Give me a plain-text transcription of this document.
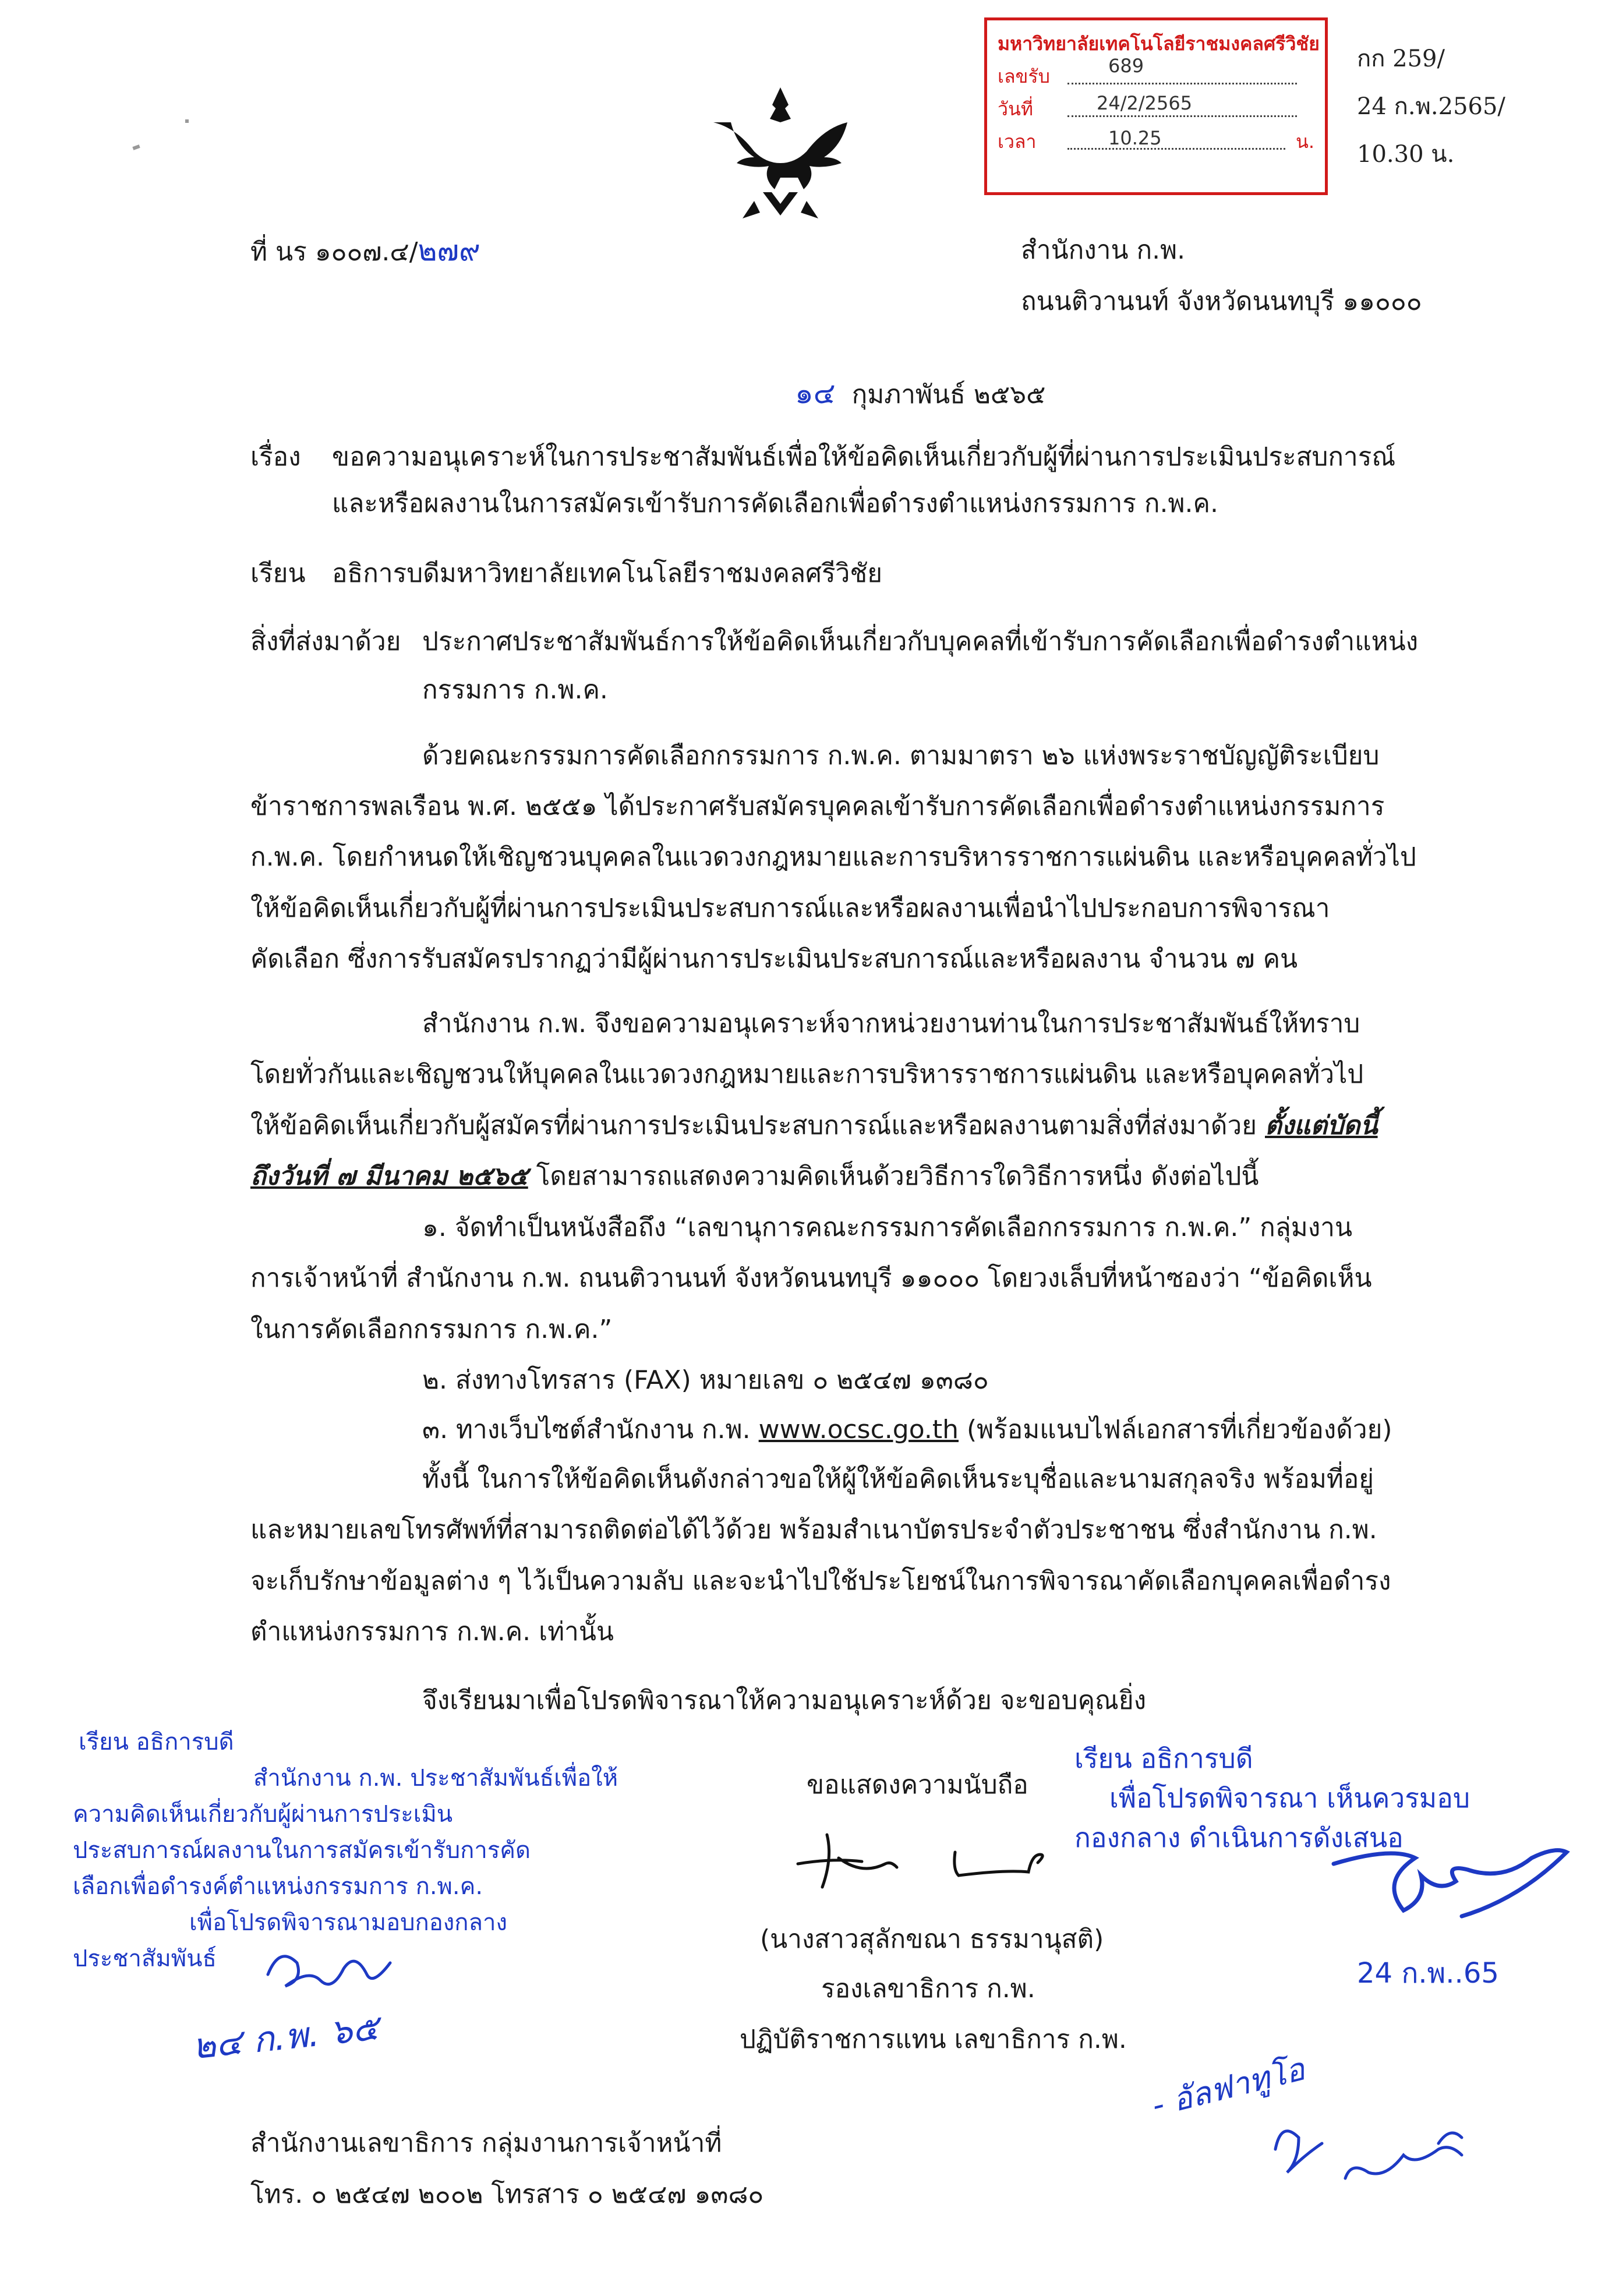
มหาวิทยาลัยเทคโนโลยีราชมงคลศรีวิชัย
เลขรับ	689
วันที่	24/2/2565
เวลา	10.25	น.
กก 259/
24 ก.พ.2565/
10.30 น.
ที่ นร ๑๐๐๗.๔/๒๗๙	สำนักงาน ก.พ.
ถนนติวานนท์ จังหวัดนนทบุรี ๑๑๐๐๐
๑๔ กุมภาพันธ์ ๒๕๖๕
เรื่อง ขอความอนุเคราะห์ในการประชาสัมพันธ์เพื่อให้ข้อคิดเห็นเกี่ยวกับผู้ที่ผ่านการประเมินประสบการณ์
และหรือผลงานในการสมัครเข้ารับการคัดเลือกเพื่อดำรงตำแหน่งกรรมการ ก.พ.ค.
เรียน อธิการบดีมหาวิทยาลัยเทคโนโลยีราชมงคลศรีวิชัย
สิ่งที่ส่งมาด้วย ประกาศประชาสัมพันธ์การให้ข้อคิดเห็นเกี่ยวกับบุคคลที่เข้ารับการคัดเลือกเพื่อดำรงตำแหน่ง
กรรมการ ก.พ.ค.
ด้วยคณะกรรมการคัดเลือกกรรมการ ก.พ.ค. ตามมาตรา ๒๖ แห่งพระราชบัญญัติระเบียบ
ข้าราชการพลเรือน พ.ศ. ๒๕๕๑ ได้ประกาศรับสมัครบุคคลเข้ารับการคัดเลือกเพื่อดำรงตำแหน่งกรรมการ
ก.พ.ค. โดยกำหนดให้เชิญชวนบุคคลในแวดวงกฎหมายและการบริหารราชการแผ่นดิน และหรือบุคคลทั่วไป
ให้ข้อคิดเห็นเกี่ยวกับผู้ที่ผ่านการประเมินประสบการณ์และหรือผลงานเพื่อนำไปประกอบการพิจารณา
คัดเลือก ซึ่งการรับสมัครปรากฏว่ามีผู้ผ่านการประเมินประสบการณ์และหรือผลงาน จำนวน ๗ คน
สำนักงาน ก.พ. จึงขอความอนุเคราะห์จากหน่วยงานท่านในการประชาสัมพันธ์ให้ทราบ
โดยทั่วกันและเชิญชวนให้บุคคลในแวดวงกฎหมายและการบริหารราชการแผ่นดิน และหรือบุคคลทั่วไป
ให้ข้อคิดเห็นเกี่ยวกับผู้สมัครที่ผ่านการประเมินประสบการณ์และหรือผลงานตามสิ่งที่ส่งมาด้วย ตั้งแต่บัดนี้
ถึงวันที่ ๗ มีนาคม ๒๕๖๕ โดยสามารถแสดงความคิดเห็นด้วยวิธีการใดวิธีการหนึ่ง ดังต่อไปนี้
๑. จัดทำเป็นหนังสือถึง “เลขานุการคณะกรรมการคัดเลือกกรรมการ ก.พ.ค.” กลุ่มงาน
การเจ้าหน้าที่ สำนักงาน ก.พ. ถนนติวานนท์ จังหวัดนนทบุรี ๑๑๐๐๐ โดยวงเล็บที่หน้าซองว่า “ข้อคิดเห็น
ในการคัดเลือกกรรมการ ก.พ.ค.”
๒. ส่งทางโทรสาร (FAX) หมายเลข ๐ ๒๕๔๗ ๑๓๘๐
๓. ทางเว็บไซต์สำนักงาน ก.พ. www.ocsc.go.th (พร้อมแนบไฟล์เอกสารที่เกี่ยวข้องด้วย)
ทั้งนี้ ในการให้ข้อคิดเห็นดังกล่าวขอให้ผู้ให้ข้อคิดเห็นระบุชื่อและนามสกุลจริง พร้อมที่อยู่
และหมายเลขโทรศัพท์ที่สามารถติดต่อได้ไว้ด้วย พร้อมสำเนาบัตรประจำตัวประชาชน ซึ่งสำนักงาน ก.พ.
จะเก็บรักษาข้อมูลต่าง ๆ ไว้เป็นความลับ และจะนำไปใช้ประโยชน์ในการพิจารณาคัดเลือกบุคคลเพื่อดำรง
ตำแหน่งกรรมการ ก.พ.ค. เท่านั้น
จึงเรียนมาเพื่อโปรดพิจารณาให้ความอนุเคราะห์ด้วย จะขอบคุณยิ่ง
ขอแสดงความนับถือ
(นางสาวสุลักขณา ธรรมานุสติ)
รองเลขาธิการ ก.พ.
ปฏิบัติราชการแทน เลขาธิการ ก.พ.
สำนักงานเลขาธิการ กลุ่มงานการเจ้าหน้าที่
โทร. ๐ ๒๕๔๗ ๒๐๐๒ โทรสาร ๐ ๒๕๔๗ ๑๓๘๐
เรียน อธิการบดี
สำนักงาน ก.พ. ประชาสัมพันธ์เพื่อให้
ความคิดเห็นเกี่ยวกับผู้ผ่านการประเมิน
ประสบการณ์ผลงานในการสมัครเข้ารับการคัด
เลือกเพื่อดำรงค์ตำแหน่งกรรมการ ก.พ.ค.
เพื่อโปรดพิจารณามอบกองกลาง
ประชาสัมพันธ์
๒๔ ก.พ. ๖๕
เรียน อธิการบดี
เพื่อโปรดพิจารณา เห็นควรมอบ
กองกลาง ดำเนินการดังเสนอ
24 ก.พ..65
- อัลฟาทูโอ
